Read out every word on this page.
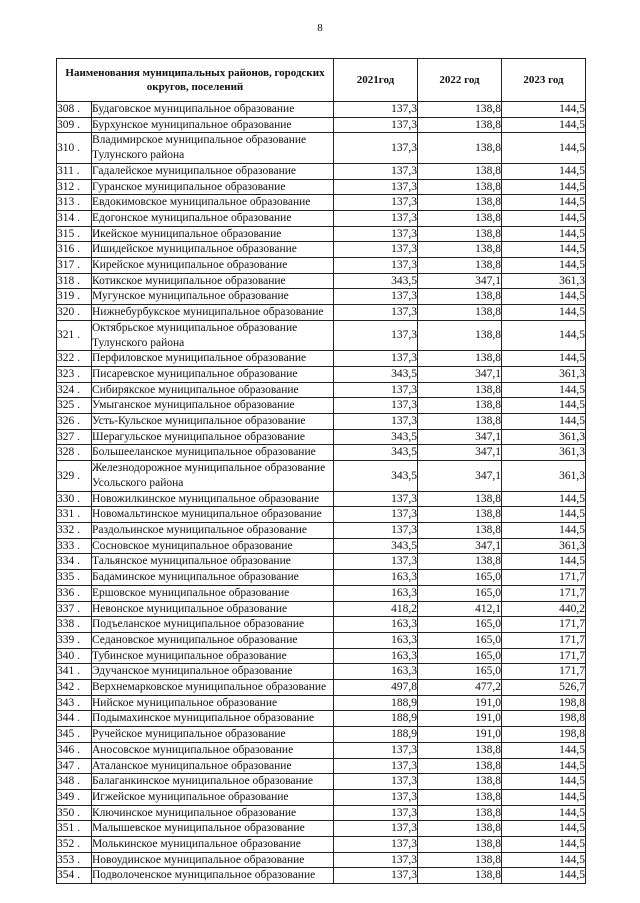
8
Наименования муниципальных районов, городских округов, поселений		2021год	2022 год	2023 год
308 .	Будаговское муниципальное образование	137,3	138,8	144,5
309 .	Бурхунское муниципальное образование	137,3	138,8	144,5
310 .	Владимирское муниципальное образование Тулунского района	137,3	138,8	144,5
311 .	Гадалейское муниципальное образование	137,3	138,8	144,5
312 .	Гуранское муниципальное образование	137,3	138,8	144,5
313 .	Евдокимовское муниципальное образование	137,3	138,8	144,5
314 .	Едогонское муниципальное образование	137,3	138,8	144,5
315 .	Икейское муниципальное образование	137,3	138,8	144,5
316 .	Ишидейское муниципальное образование	137,3	138,8	144,5
317 .	Кирейское муниципальное образование	137,3	138,8	144,5
318 .	Котикское муниципальное образование	343,5	347,1	361,3
319 .	Мугунское муниципальное образование	137,3	138,8	144,5
320 .	Нижнебурбукское муниципальное образование	137,3	138,8	144,5
321 .	Октябрьское муниципальное образование Тулунского района	137,3	138,8	144,5
322 .	Перфиловское муниципальное образование	137,3	138,8	144,5
323 .	Писаревское муниципальное образование	343,5	347,1	361,3
324 .	Сибирякское муниципальное образование	137,3	138,8	144,5
325 .	Умыганское муниципальное образование	137,3	138,8	144,5
326 .	Усть-Кульское муниципальное образование	137,3	138,8	144,5
327 .	Шерагульское муниципальное образование	343,5	347,1	361,3
328 .	Большееланское муниципальное образование	343,5	347,1	361,3
329 .	Железнодорожное муниципальное образование Усольского района	343,5	347,1	361,3
330 .	Новожилкинское муниципальное образование	137,3	138,8	144,5
331 .	Новомальтинское муниципальное образование	137,3	138,8	144,5
332 .	Раздольинское муниципальное образование	137,3	138,8	144,5
333 .	Сосновское муниципальное образование	343,5	347,1	361,3
334 .	Тальянское муниципальное образование	137,3	138,8	144,5
335 .	Бадаминское муниципальное образование	163,3	165,0	171,7
336 .	Ершовское муниципальное образование	163,3	165,0	171,7
337 .	Невонское муниципальное образование	418,2	412,1	440,2
338 .	Подъеланское муниципальное образование	163,3	165,0	171,7
339 .	Седановское муниципальное образование	163,3	165,0	171,7
340 .	Тубинское муниципальное образование	163,3	165,0	171,7
341 .	Эдучанское муниципальное образование	163,3	165,0	171,7
342 .	Верхнемарковское муниципальное образование	497,8	477,2	526,7
343 .	Нийское муниципальное образование	188,9	191,0	198,8
344 .	Подымахинское муниципальное образование	188,9	191,0	198,8
345 .	Ручейское муниципальное образование	188,9	191,0	198,8
346 .	Аносовское муниципальное образование	137,3	138,8	144,5
347 .	Аталанское муниципальное образование	137,3	138,8	144,5
348 .	Балаганкинское муниципальное образование	137,3	138,8	144,5
349 .	Игжейское муниципальное образование	137,3	138,8	144,5
350 .	Ключинское муниципальное образование	137,3	138,8	144,5
351 .	Малышевское муниципальное образование	137,3	138,8	144,5
352 .	Молькинское муниципальное образование	137,3	138,8	144,5
353 .	Новоудинское муниципальное образование	137,3	138,8	144,5
354 .	Подволоченское муниципальное образование	137,3	138,8	144,5
